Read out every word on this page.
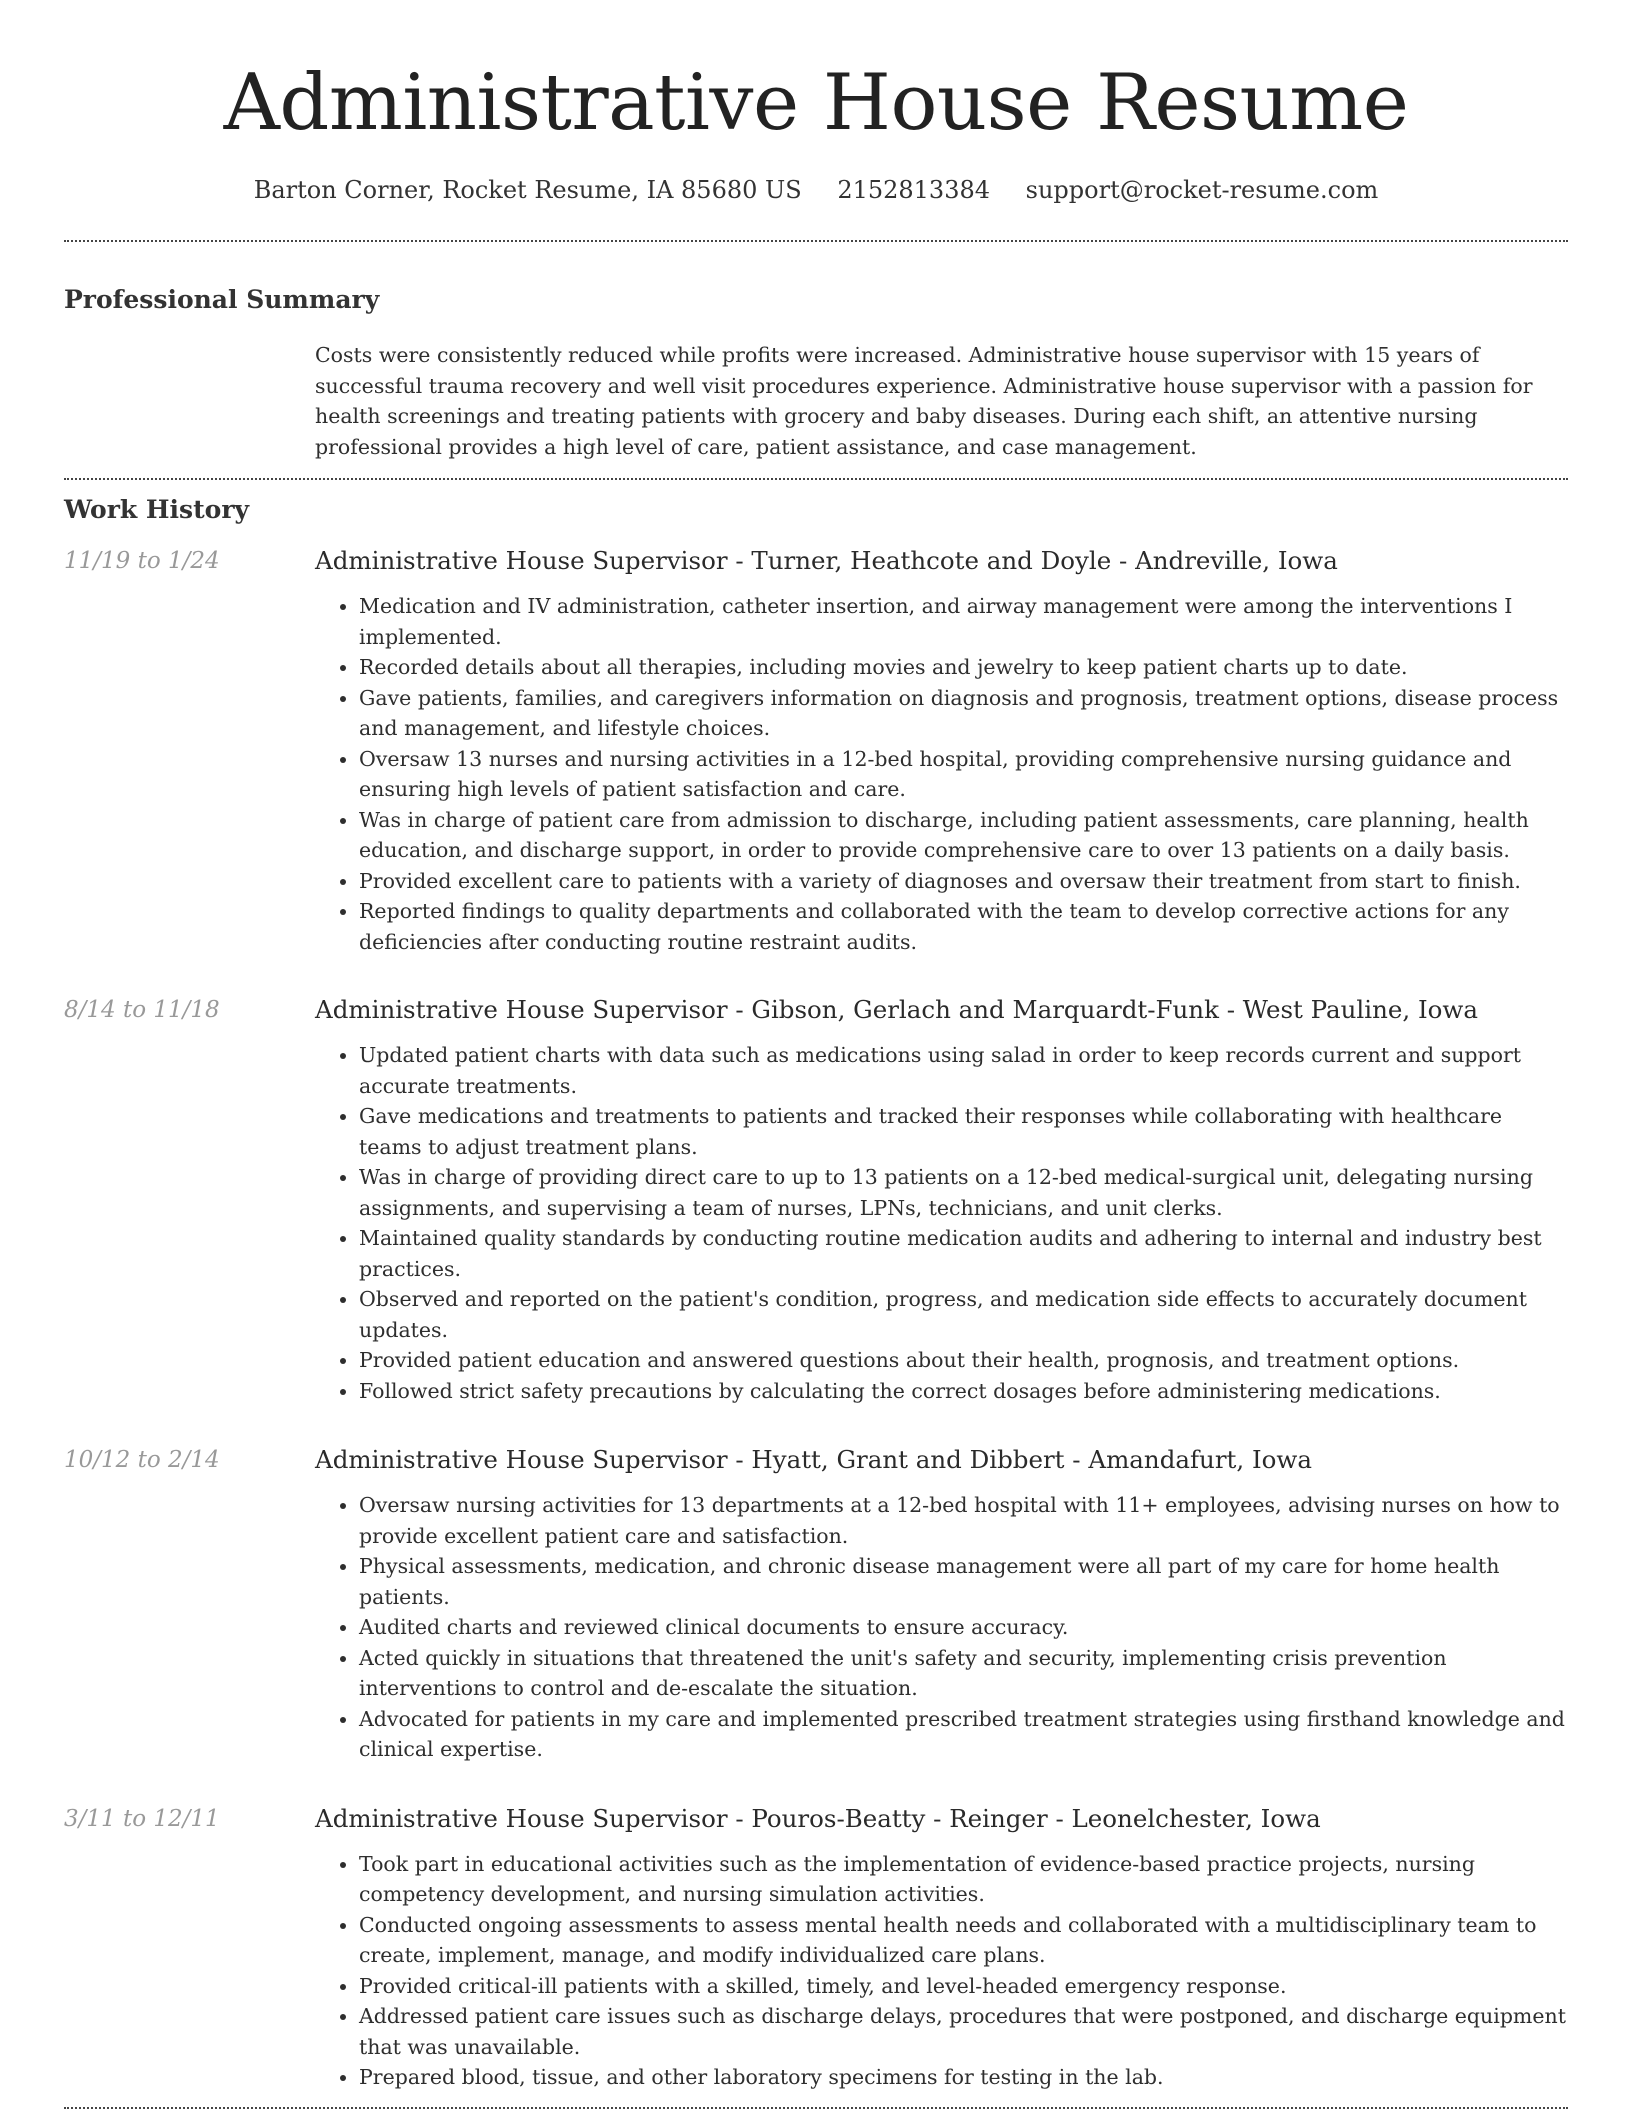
Administrative House Resume
Barton Corner, Rocket Resume, IA 85680 US 2152813384 support@rocket-resume.com
Professional Summary

Costs were consistently reduced while profits were increased. Administrative house supervisor with 15 years of successful trauma recovery and well visit procedures experience. Administrative house supervisor with a passion for health screenings and treating patients with grocery and baby diseases. During each shift, an attentive nursing professional provides a high level of care, patient assistance, and case management.

Work History
11/19 to 1/24	Administrative House Supervisor - Turner, Heathcote and Doyle - Andreville, Iowa
• Medication and IV administration, catheter insertion, and airway management were among the interventions I implemented.
• Recorded details about all therapies, including movies and jewelry to keep patient charts up to date.
• Gave patients, families, and caregivers information on diagnosis and prognosis, treatment options, disease process and management, and lifestyle choices.
• Oversaw 13 nurses and nursing activities in a 12-bed hospital, providing comprehensive nursing guidance and ensuring high levels of patient satisfaction and care.
• Was in charge of patient care from admission to discharge, including patient assessments, care planning, health education, and discharge support, in order to provide comprehensive care to over 13 patients on a daily basis.
• Provided excellent care to patients with a variety of diagnoses and oversaw their treatment from start to finish.
• Reported findings to quality departments and collaborated with the team to develop corrective actions for any deficiencies after conducting routine restraint audits.
8/14 to 11/18	Administrative House Supervisor - Gibson, Gerlach and Marquardt-Funk - West Pauline, Iowa
• Updated patient charts with data such as medications using salad in order to keep records current and support accurate treatments.
• Gave medications and treatments to patients and tracked their responses while collaborating with healthcare teams to adjust treatment plans.
• Was in charge of providing direct care to up to 13 patients on a 12-bed medical-surgical unit, delegating nursing assignments, and supervising a team of nurses, LPNs, technicians, and unit clerks.
• Maintained quality standards by conducting routine medication audits and adhering to internal and industry best practices.
• Observed and reported on the patient's condition, progress, and medication side effects to accurately document updates.
• Provided patient education and answered questions about their health, prognosis, and treatment options.
• Followed strict safety precautions by calculating the correct dosages before administering medications.
10/12 to 2/14	Administrative House Supervisor - Hyatt, Grant and Dibbert - Amandafurt, Iowa
• Oversaw nursing activities for 13 departments at a 12-bed hospital with 11+ employees, advising nurses on how to provide excellent patient care and satisfaction.
• Physical assessments, medication, and chronic disease management were all part of my care for home health patients.
• Audited charts and reviewed clinical documents to ensure accuracy.
• Acted quickly in situations that threatened the unit's safety and security, implementing crisis prevention interventions to control and de-escalate the situation.
• Advocated for patients in my care and implemented prescribed treatment strategies using firsthand knowledge and clinical expertise.
3/11 to 12/11	Administrative House Supervisor - Pouros-Beatty - Reinger - Leonelchester, Iowa
• Took part in educational activities such as the implementation of evidence-based practice projects, nursing competency development, and nursing simulation activities.
• Conducted ongoing assessments to assess mental health needs and collaborated with a multidisciplinary team to create, implement, manage, and modify individualized care plans.
• Provided critical-ill patients with a skilled, timely, and level-headed emergency response.
• Addressed patient care issues such as discharge delays, procedures that were postponed, and discharge equipment that was unavailable.
• Prepared blood, tissue, and other laboratory specimens for testing in the lab.
